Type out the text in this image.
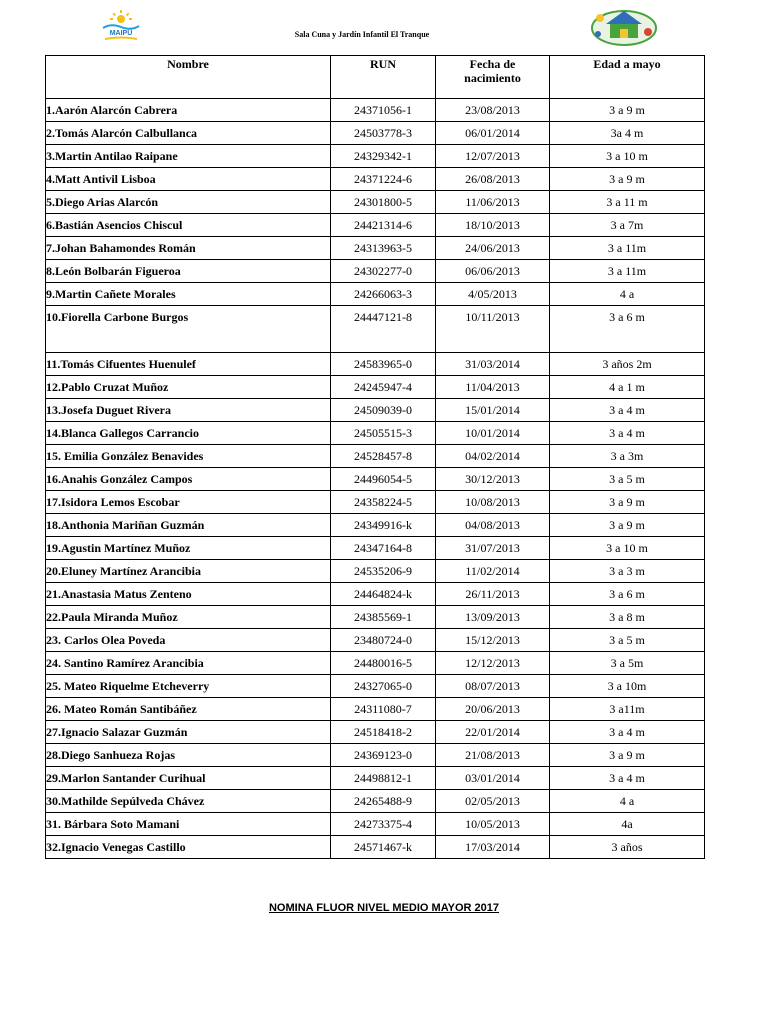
MAIPÚ	Sala Cuna y Jardín Infantil El Tranque
Nombre	RUN	Fecha de nacimiento	Edad a mayo
1.Aarón Alarcón Cabrera	24371056-1	23/08/2013	3 a 9 m
2.Tomás Alarcón Calbullanca	24503778-3	06/01/2014	3a 4 m
3.Martin Antilao Raipane	24329342-1	12/07/2013	3 a 10 m
4.Matt Antivil Lisboa	24371224-6	26/08/2013	3 a 9 m
5.Diego Arias Alarcón	24301800-5	11/06/2013	3 a 11 m
6.Bastián Asencios Chiscul	24421314-6	18/10/2013	3 a 7m
7.Johan Bahamondes Román	24313963-5	24/06/2013	3 a 11m
8.León Bolbarán Figueroa	24302277-0	06/06/2013	3 a 11m
9.Martin Cañete Morales	24266063-3	4/05/2013	4 a
10.Fiorella Carbone Burgos	24447121-8	10/11/2013	3 a 6 m
11.Tomás Cifuentes Huenulef	24583965-0	31/03/2014	3 años 2m
12.Pablo Cruzat Muñoz	24245947-4	11/04/2013	4 a 1 m
13.Josefa Duguet Rivera	24509039-0	15/01/2014	3 a 4 m
14.Blanca Gallegos Carrancio	24505515-3	10/01/2014	3 a 4 m
15. Emilia González Benavides	24528457-8	04/02/2014	3 a 3m
16.Anahis González Campos	24496054-5	30/12/2013	3 a 5 m
17.Isidora Lemos Escobar	24358224-5	10/08/2013	3 a 9 m
18.Anthonia Mariñan Guzmán	24349916-k	04/08/2013	3 a 9 m
19.Agustin Martínez Muñoz	24347164-8	31/07/2013	3 a 10 m
20.Eluney Martínez Arancibia	24535206-9	11/02/2014	3 a 3 m
21.Anastasia Matus Zenteno	24464824-k	26/11/2013	3 a 6 m
22.Paula Miranda Muñoz	24385569-1	13/09/2013	3 a 8 m
23. Carlos Olea Poveda	23480724-0	15/12/2013	3 a 5 m
24. Santino Ramírez Arancibia	24480016-5	12/12/2013	3 a 5m
25. Mateo Riquelme Etcheverry	24327065-0	08/07/2013	3 a 10m
26. Mateo Román Santibáñez	24311080-7	20/06/2013	3 a11m
27.Ignacio Salazar Guzmán	24518418-2	22/01/2014	3 a 4 m
28.Diego Sanhueza Rojas	24369123-0	21/08/2013	3 a 9 m
29.Marlon Santander Curihual	24498812-1	03/01/2014	3 a 4 m
30.Mathilde Sepúlveda Chávez	24265488-9	02/05/2013	4 a
31. Bárbara Soto Mamani	24273375-4	10/05/2013	4a
32.Ignacio Venegas Castillo	24571467-k	17/03/2014	3 años
NOMINA FLUOR NIVEL MEDIO MAYOR 2017
